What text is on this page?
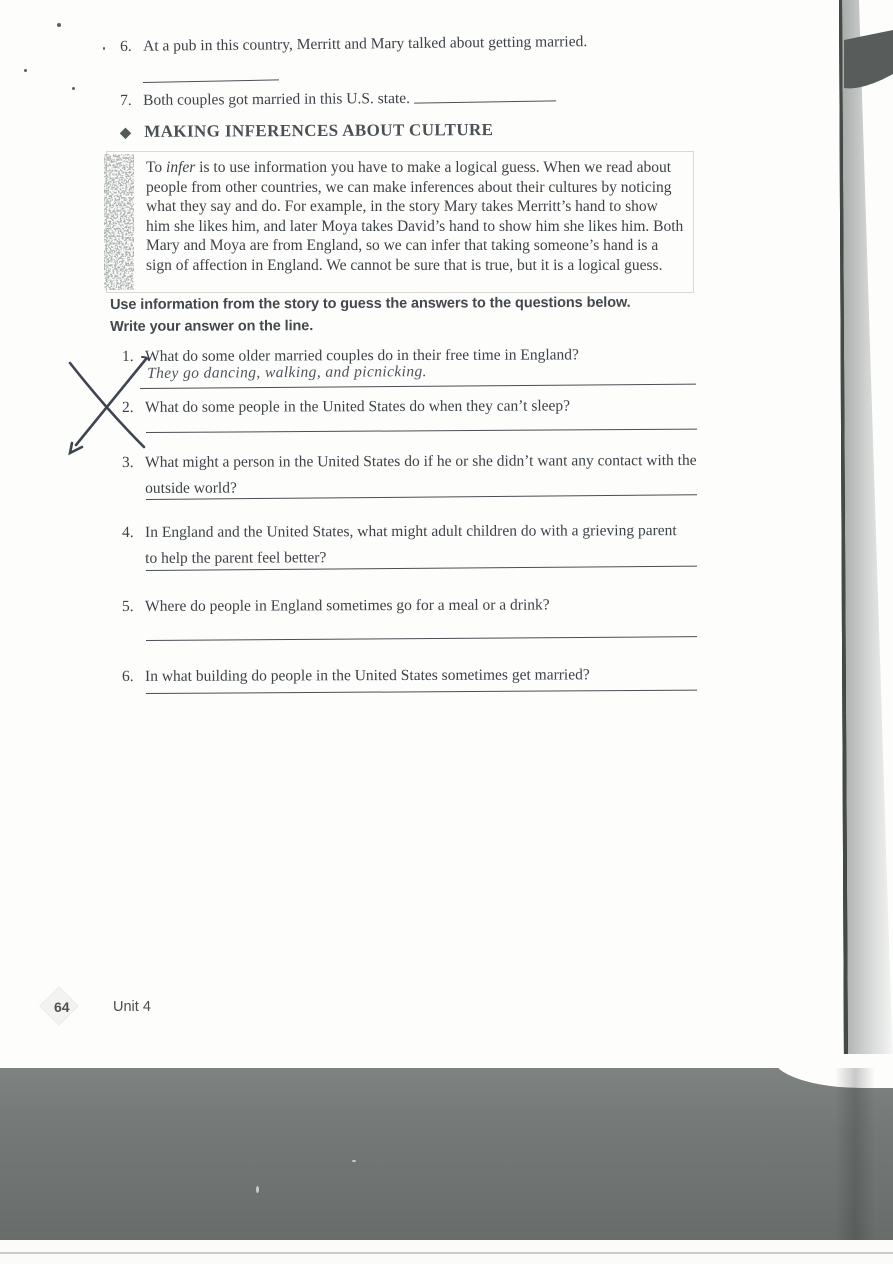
6. At a pub in this country, Merritt and Mary talked about getting married.
7. Both couples got married in this U.S. state.
◆ MAKING INFERENCES ABOUT CULTURE

To infer is to use information you have to make a logical guess. When we read about people from other countries, we can make inferences about their cultures by noticing what they say and do. For example, in the story Mary takes Merritt’s hand to show him she likes him, and later Moya takes David’s hand to show him she likes him. Both Mary and Moya are from England, so we can infer that taking someone’s hand is a sign of affection in England. We cannot be sure that is true, but it is a logical guess.

Use information from the story to guess the answers to the questions below.
Write your answer on the line.
1. What do some older married couples do in their free time in England?
They go dancing, walking, and picnicking.
2. What do some people in the United States do when they can’t sleep?
3. What might a person in the United States do if he or she didn’t want any contact with the outside world?
4. In England and the United States, what might adult children do with a grieving parent to help the parent feel better?
5. Where do people in England sometimes go for a meal or a drink?
6. In what building do people in the United States sometimes get married?
64	Unit 4
